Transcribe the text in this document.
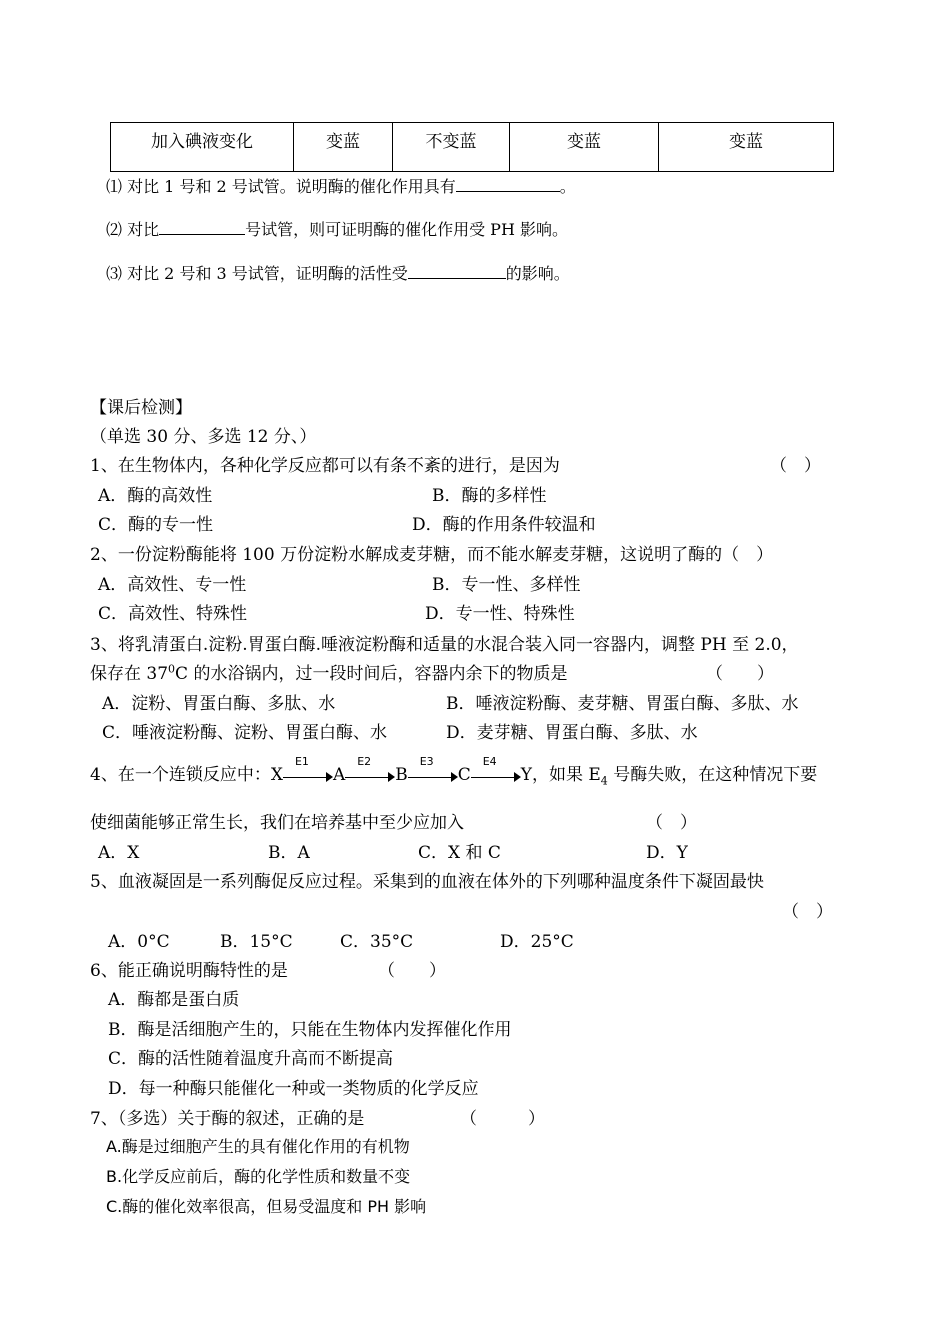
加入碘液变化	变蓝	不变蓝	变蓝	变蓝
⑴ 对比 1 号和 2 号试管。说明酶的催化作用具有	。
⑵ 对比	号试管，则可证明酶的催化作用受 PH 影响。
⑶ 对比 2 号和 3 号试管，证明酶的活性受	的影响。
【课后检测】
（单选 30 分、多选 12 分、）
1、在生物体内，各种化学反应都可以有条不紊的进行，是因为	（　）
A．酶的高效性	B．酶的多样性
C．酶的专一性	D．酶的作用条件较温和
2、一份淀粉酶能将 100 万份淀粉水解成麦芽糖，而不能水解麦芽糖，这说明了酶的（　）
A．高效性、专一性	B．专一性、多样性
C．高效性、特殊性	D．专一性、特殊性
3、将乳清蛋白.淀粉.胃蛋白酶.唾液淀粉酶和适量的水混合装入同一容器内，调整 PH 至 2.0，
保存在 $37^0C$ 的水浴锅内，过一段时间后，容器内余下的物质是	（　　）
A．淀粉、胃蛋白酶、多肽、水	B．唾液淀粉酶、麦芽糖、胃蛋白酶、多肽、水
C．唾液淀粉酶、淀粉、胃蛋白酶、水	D．麦芽糖、胃蛋白酶、多肽、水
4、在一个连锁反应中：X
E1
A
E2
B
E3
C
E4
Y，如果 $E_4$ 号酶失败，在这种情况下要
使细菌能够正常生长，我们在培养基中至少应加入	（　）
A．X	B．A	C．X 和 C	D．Y
5、血液凝固是一系列酶促反应过程。采集到的血液在体外的下列哪种温度条件下凝固最快
（　）
A．0°C	B．15°C	C．35°C	D．25°C
6、能正确说明酶特性的是	（　　）
A．酶都是蛋白质
B．酶是活细胞产生的，只能在生物体内发挥催化作用
C．酶的活性随着温度升高而不断提高
D．每一种酶只能催化一种或一类物质的化学反应
7、（多选）关于酶的叙述，正确的是	（　　　）
A.酶是过细胞产生的具有催化作用的有机物
B.化学反应前后，酶的化学性质和数量不变
C.酶的催化效率很高，但易受温度和 PH 影响
